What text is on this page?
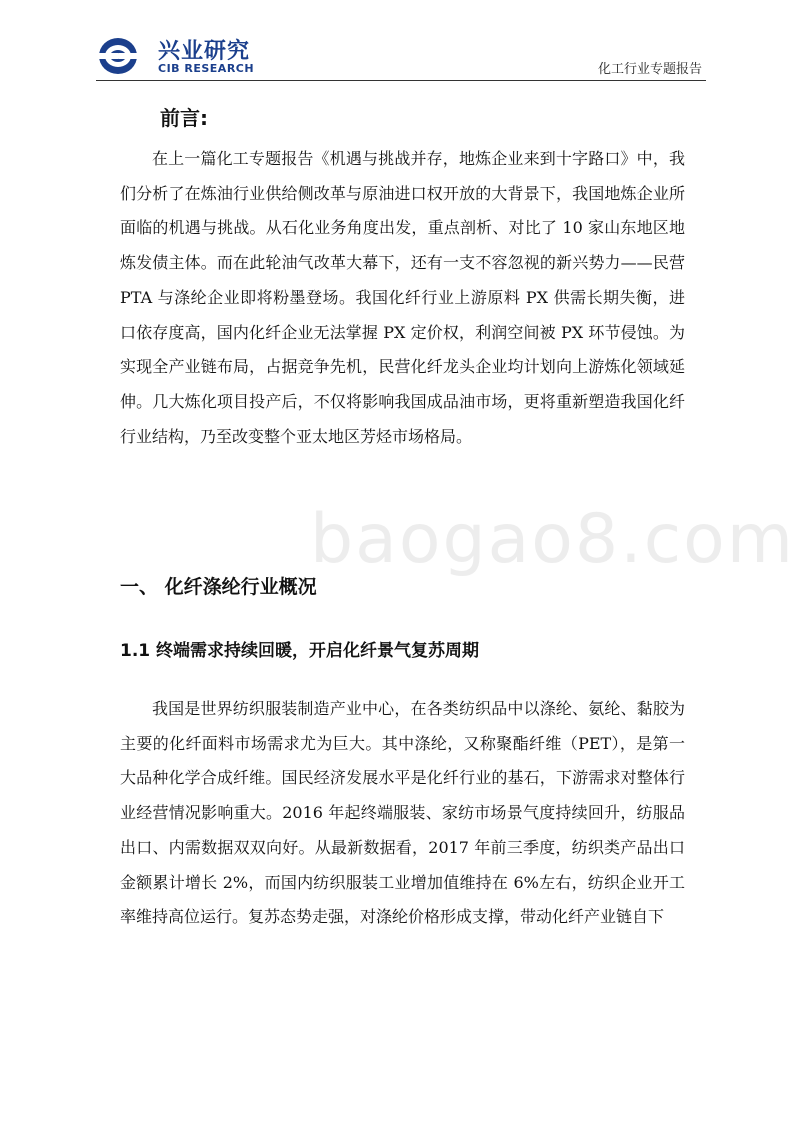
兴业研究
CIB RESEARCH	化工行业专题报告
前言:

在上一篇化工专题报告《机遇与挑战并存，地炼企业来到十字路口》中，我们分析了在炼油行业供给侧改革与原油进口权开放的大背景下，我国地炼企业所面临的机遇与挑战。从石化业务角度出发，重点剖析、对比了 10 家山东地区地炼发债主体。而在此轮油气改革大幕下，还有一支不容忽视的新兴势力——民营 PTA 与涤纶企业即将粉墨登场。我国化纤行业上游原料 PX 供需长期失衡，进口依存度高，国内化纤企业无法掌握 PX 定价权，利润空间被 PX 环节侵蚀。为实现全产业链布局，占据竞争先机，民营化纤龙头企业均计划向上游炼化领域延伸。几大炼化项目投产后，不仅将影响我国成品油市场，更将重新塑造我国化纤行业结构，乃至改变整个亚太地区芳烃市场格局。

baogao8.com
一、 化纤涤纶行业概况
1.1 终端需求持续回暖，开启化纤景气复苏周期

我国是世界纺织服装制造产业中心，在各类纺织品中以涤纶、氨纶、黏胶为主要的化纤面料市场需求尤为巨大。其中涤纶，又称聚酯纤维（PET），是第一大品种化学合成纤维。国民经济发展水平是化纤行业的基石，下游需求对整体行业经营情况影响重大。2016 年起终端服装、家纺市场景气度持续回升，纺服品出口、内需数据双双向好。从最新数据看，2017 年前三季度，纺织类产品出口金额累计增长 2%，而国内纺织服装工业增加值维持在 6%左右，纺织企业开工率维持高位运行。复苏态势走强，对涤纶价格形成支撑，带动化纤产业链自下
